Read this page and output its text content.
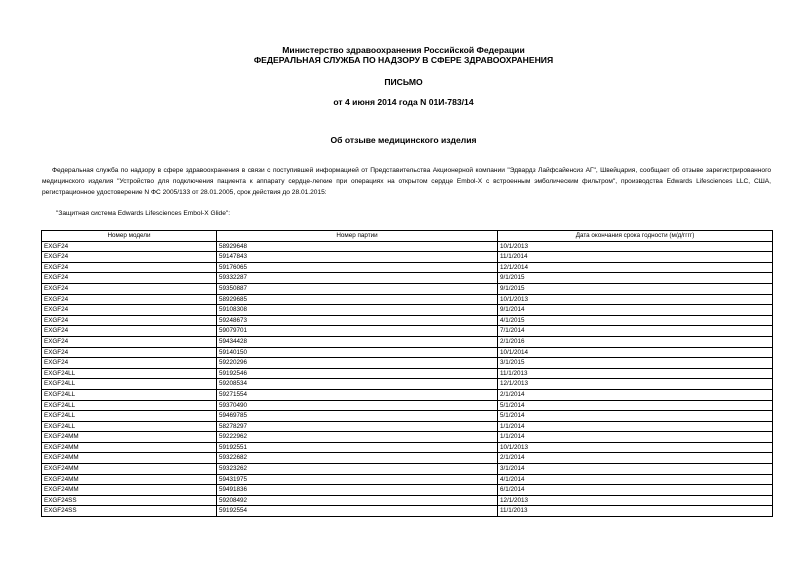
Министерство здравоохранения Российской Федерации
ФЕДЕРАЛЬНАЯ СЛУЖБА ПО НАДЗОРУ В СФЕРЕ ЗДРАВООХРАНЕНИЯ
ПИСЬМО
от 4 июня 2014 года N 01И-783/14
Об отзыве медицинского изделия
Федеральная служба по надзору в сфере здравоохранения в связи с поступившей информацией от Представительства Акционерной компании "Эдвардз Лайфсайенсиз АГ", Швейцария, сообщает об отзыве зарегистрированного медицинского изделия "Устройство для подключения пациента к аппарату сердце-легкие при операциях на открытом сердце Embol-X с встроенным эмболическим фильтром", производства Edwards Lifesciences LLC, США, регистрационное удостоверение N ФС 2005/133 от 28.01.2005, срок действия до 28.01.2015:
"Защитная система Edwards Lifesciences Embol-X Glide":
Номер модели	Номер партии	Дата окончания срока годности (м/д/гггг)
EXGF24	58929648	10/1/2013
EXGF24	59147843	11/1/2014
EXGF24	59176065	12/1/2014
EXGF24	59332287	9/1/2015
EXGF24	59350887	9/1/2015
EXGF24	58929685	10/1/2013
EXGF24	59108308	9/1/2014
EXGF24	59248673	4/1/2015
EXGF24	59079701	7/1/2014
EXGF24	59434428	2/1/2016
EXGF24	59140150	10/1/2014
EXGF24	59220296	3/1/2015
EXGF24LL	59192546	11/1/2013
EXGF24LL	59208534	12/1/2013
EXGF24LL	59271554	2/1/2014
EXGF24LL	59370490	5/1/2014
EXGF24LL	59469785	5/1/2014
EXGF24LL	58278297	1/1/2014
EXGF24MM	59222962	1/1/2014
EXGF24MM	59192551	10/1/2013
EXGF24MM	59322682	2/1/2014
EXGF24MM	59323262	3/1/2014
EXGF24MM	59431975	4/1/2014
EXGF24MM	59491836	6/1/2014
EXGF24SS	59208492	12/1/2013
EXGF24SS	59192554	11/1/2013
